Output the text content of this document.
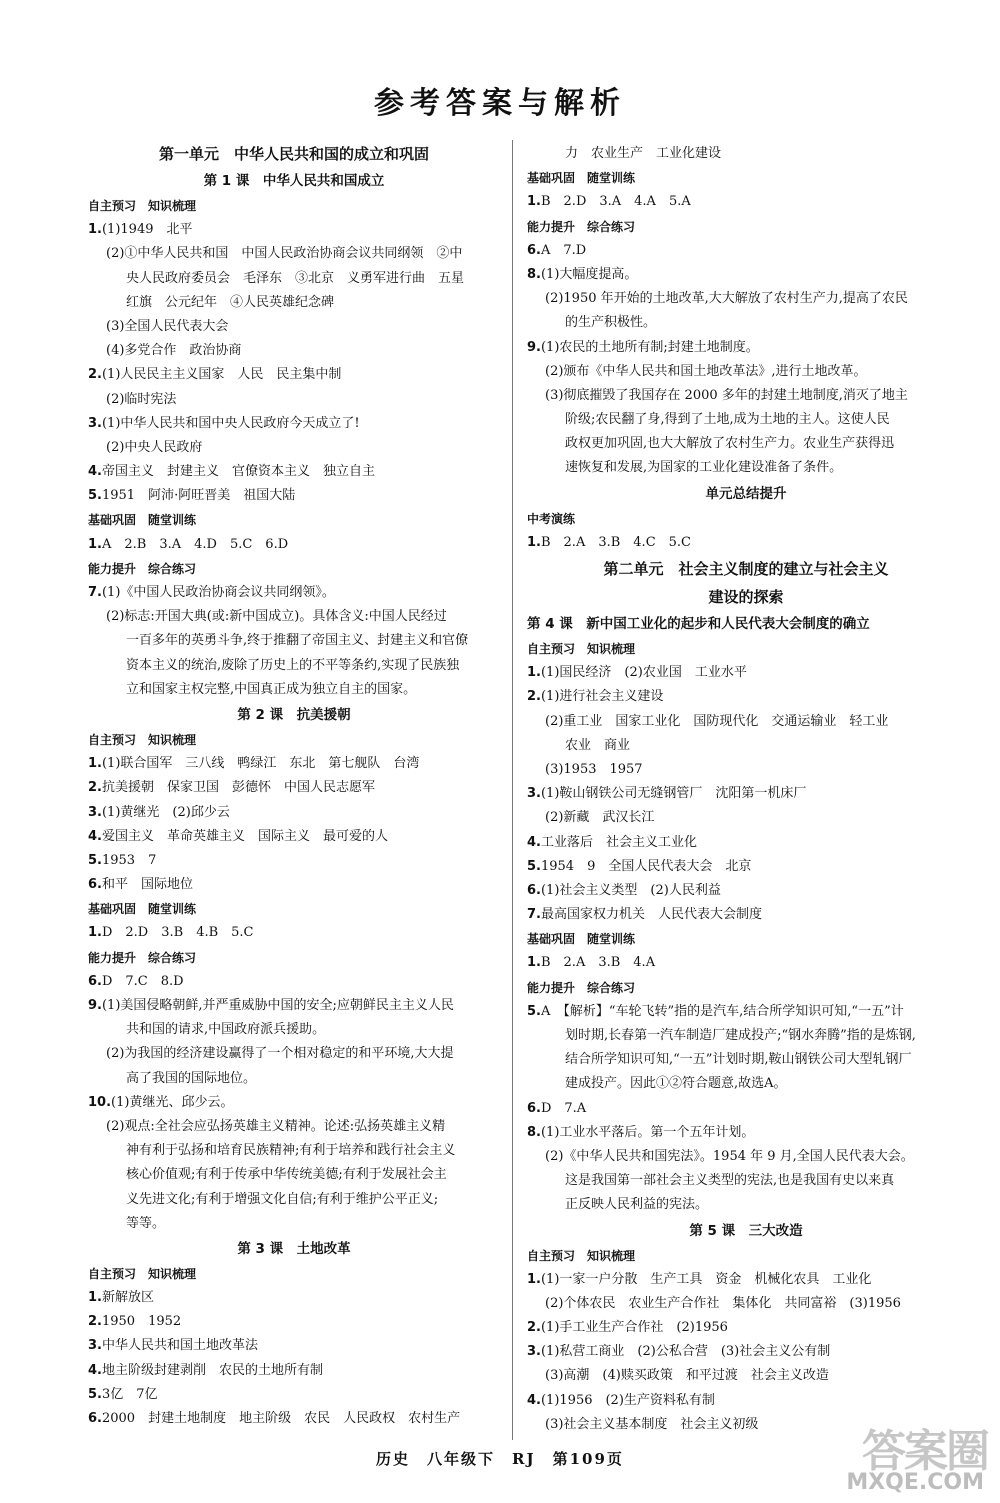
参考答案与解析
第一单元　中华人民共和国的成立和巩固
第 1 课　中华人民共和国成立
自主预习　知识梳理
1.(1)1949　北平
(2)①中华人民共和国　中国人民政治协商会议共同纲领　②中
央人民政府委员会　毛泽东　③北京　义勇军进行曲　五星
红旗　公元纪年　④人民英雄纪念碑
(3)全国人民代表大会
(4)多党合作　政治协商
2.(1)人民民主主义国家　人民　民主集中制
(2)临时宪法
3.(1)中华人民共和国中央人民政府今天成立了!
(2)中央人民政府
4.帝国主义　封建主义　官僚资本主义　独立自主
5.1951　阿沛·阿旺晋美　祖国大陆
基础巩固　随堂训练
1.A　2.B　3.A　4.D　5.C　6.D
能力提升　综合练习
7.(1)《中国人民政治协商会议共同纲领》。
(2)标志:开国大典(或:新中国成立)。具体含义:中国人民经过
一百多年的英勇斗争,终于推翻了帝国主义、封建主义和官僚
资本主义的统治,废除了历史上的不平等条约,实现了民族独
立和国家主权完整,中国真正成为独立自主的国家。
第 2 课　抗美援朝
自主预习　知识梳理
1.(1)联合国军　三八线　鸭绿江　东北　第七舰队　台湾
2.抗美援朝　保家卫国　彭德怀　中国人民志愿军
3.(1)黄继光　(2)邱少云
4.爱国主义　革命英雄主义　国际主义　最可爱的人
5.1953　7
6.和平　国际地位
基础巩固　随堂训练
1.D　2.D　3.B　4.B　5.C
能力提升　综合练习
6.D　7.C　8.D
9.(1)美国侵略朝鲜,并严重威胁中国的安全;应朝鲜民主主义人民
共和国的请求,中国政府派兵援助。
(2)为我国的经济建设赢得了一个相对稳定的和平环境,大大提
高了我国的国际地位。
10.(1)黄继光、邱少云。
(2)观点:全社会应弘扬英雄主义精神。论述:弘扬英雄主义精
神有利于弘扬和培育民族精神;有利于培养和践行社会主义
核心价值观;有利于传承中华传统美德;有利于发展社会主
义先进文化;有利于增强文化自信;有利于维护公平正义;
等等。
第 3 课　土地改革
自主预习　知识梳理
1.新解放区
2.1950　1952
3.中华人民共和国土地改革法
4.地主阶级封建剥削　农民的土地所有制
5.3亿　7亿
6.2000　封建土地制度　地主阶级　农民　人民政权　农村生产
力　农业生产　工业化建设
基础巩固　随堂训练
1.B　2.D　3.A　4.A　5.A
能力提升　综合练习
6.A　7.D
8.(1)大幅度提高。
(2)1950 年开始的土地改革,大大解放了农村生产力,提高了农民
的生产积极性。
9.(1)农民的土地所有制;封建土地制度。
(2)颁布《中华人民共和国土地改革法》,进行土地改革。
(3)彻底摧毁了我国存在 2000 多年的封建土地制度,消灭了地主
阶级;农民翻了身,得到了土地,成为土地的主人。这使人民
政权更加巩固,也大大解放了农村生产力。农业生产获得迅
速恢复和发展,为国家的工业化建设准备了条件。
单元总结提升
中考演练
1.B　2.A　3.B　4.C　5.C
第二单元　社会主义制度的建立与社会主义
建设的探索
第 4 课　新中国工业化的起步和人民代表大会制度的确立
自主预习　知识梳理
1.(1)国民经济　(2)农业国　工业水平
2.(1)进行社会主义建设
(2)重工业　国家工业化　国防现代化　交通运输业　轻工业
农业　商业
(3)1953　1957
3.(1)鞍山钢铁公司无缝钢管厂　沈阳第一机床厂
(2)新藏　武汉长江
4.工业落后　社会主义工业化
5.1954　9　全国人民代表大会　北京
6.(1)社会主义类型　(2)人民利益
7.最高国家权力机关　人民代表大会制度
基础巩固　随堂训练
1.B　2.A　3.B　4.A
能力提升　综合练习
5.A　【解析】“车轮飞转”指的是汽车,结合所学知识可知,“一五”计
划时期,长春第一汽车制造厂建成投产;“钢水奔腾”指的是炼钢,
结合所学知识可知,“一五”计划时期,鞍山钢铁公司大型轧钢厂
建成投产。因此①②符合题意,故选A。
6.D　7.A
8.(1)工业水平落后。第一个五年计划。
(2)《中华人民共和国宪法》。1954 年 9 月,全国人民代表大会。
这是我国第一部社会主义类型的宪法,也是我国有史以来真
正反映人民利益的宪法。
第 5 课　三大改造
自主预习　知识梳理
1.(1)一家一户分散　生产工具　资金　机械化农具　工业化
(2)个体农民　农业生产合作社　集体化　共同富裕　(3)1956
2.(1)手工业生产合作社　(2)1956
3.(1)私营工商业　(2)公私合营　(3)社会主义公有制
(3)高潮　(4)赎买政策　和平过渡　社会主义改造
4.(1)1956　(2)生产资料私有制
(3)社会主义基本制度　社会主义初级
历史　八年级下　RJ　第109页	答案圈
MXQE.COM
